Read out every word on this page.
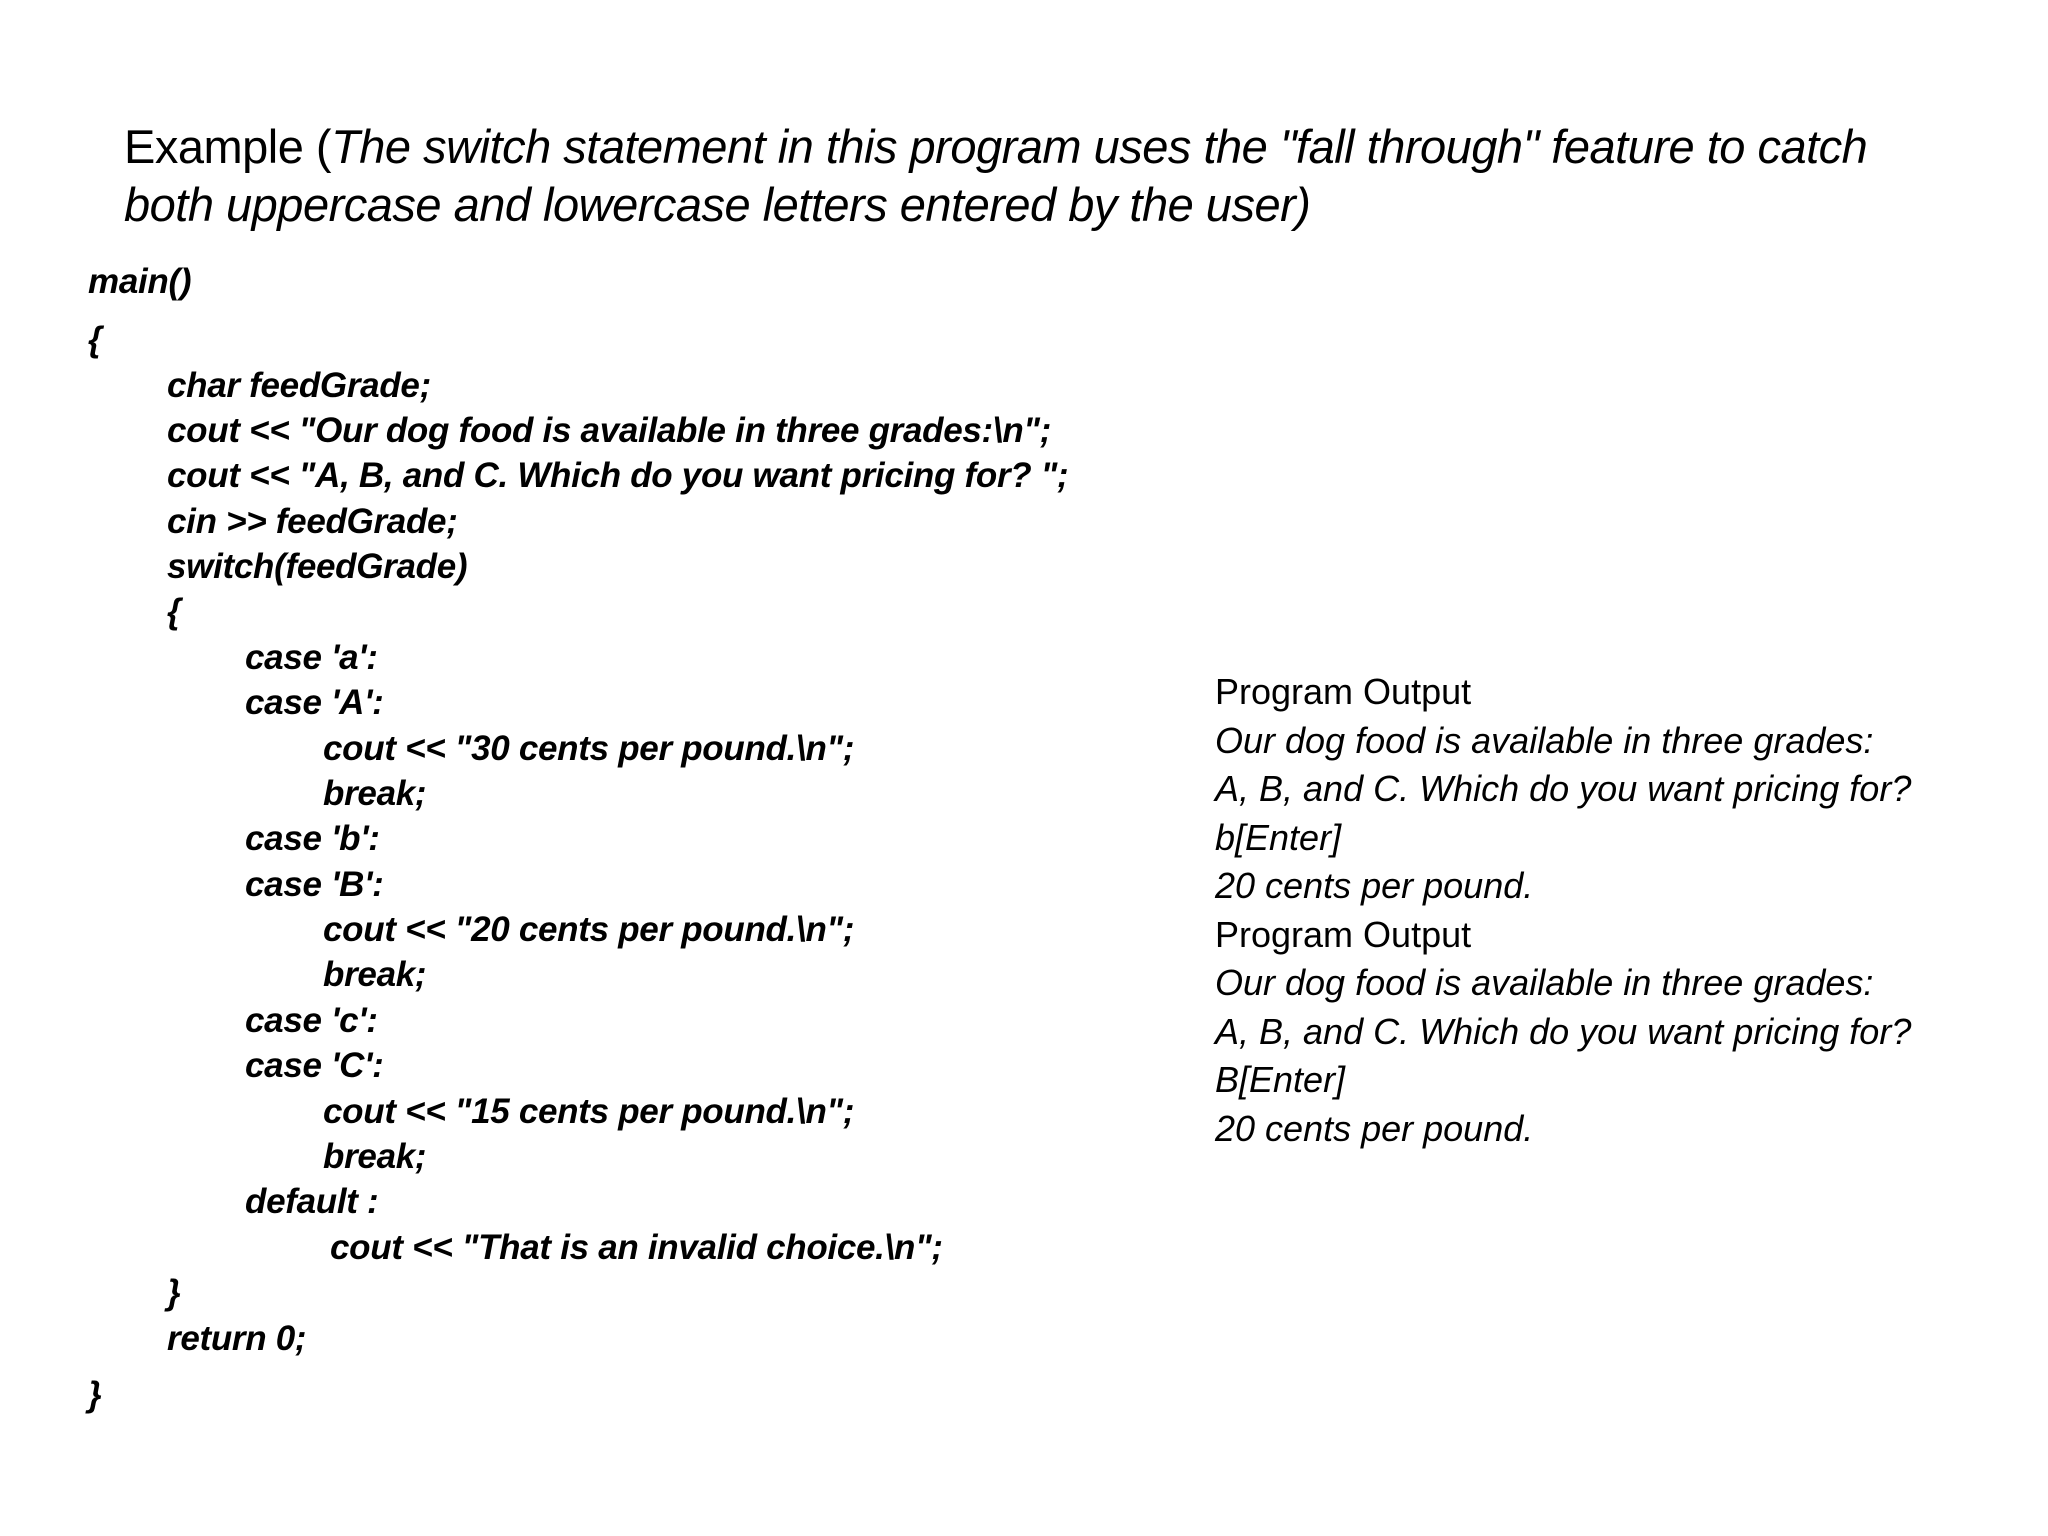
Example (The switch statement in this program uses the "fall through" feature to catch both uppercase and lowercase letters entered by the user)
main()
{
char feedGrade;
cout << "Our dog food is available in three grades:\n";
cout << "A, B, and C. Which do you want pricing for? ";
cin >> feedGrade;
switch(feedGrade)
{
case 'a':
case 'A':
cout << "30 cents per pound.\n";
break;
case 'b':
case 'B':
cout << "20 cents per pound.\n";
break;
case 'c':
case 'C':
cout << "15 cents per pound.\n";
break;
default :
cout << "That is an invalid choice.\n";
}
return 0;
}
Program Output
Our dog food is available in three grades:
A, B, and C. Which do you want pricing for?
b[Enter]
20 cents per pound.
Program Output
Our dog food is available in three grades:
A, B, and C. Which do you want pricing for?
B[Enter]
20 cents per pound.
